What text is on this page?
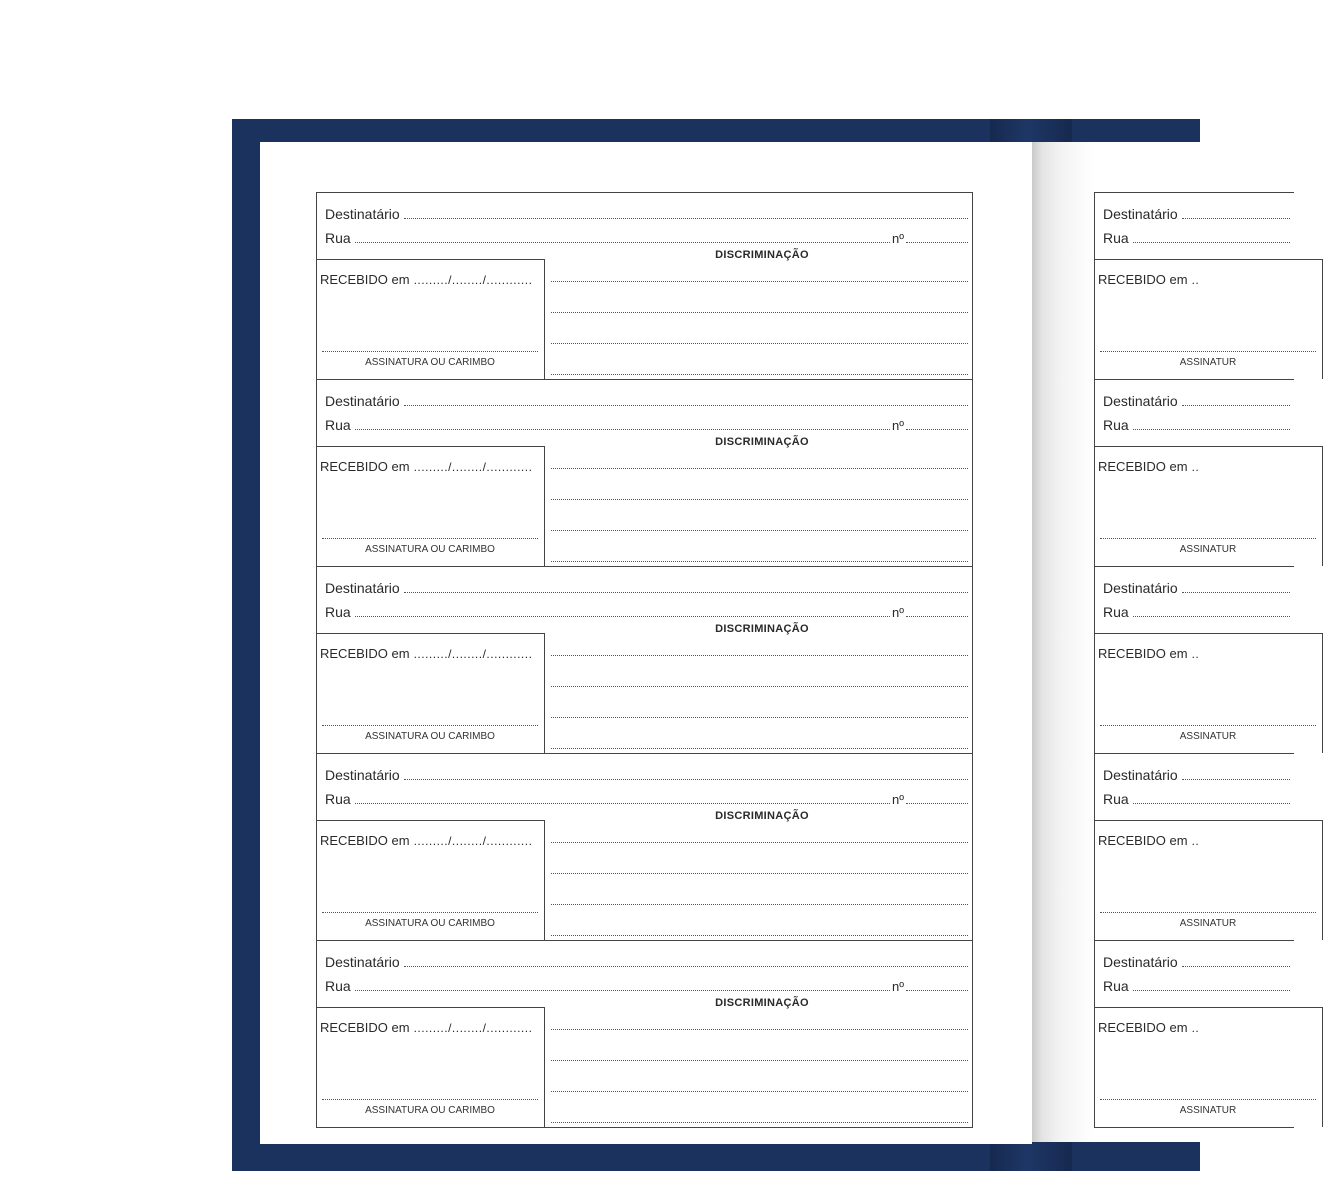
Destinatário
Rua	nº
DISCRIMINAÇÃO
RECEBIDO em ........./......../............
ASSINATURA OU CARIMBO
Destinatário
Rua	nº
DISCRIMINAÇÃO
RECEBIDO em ........./......../............
ASSINATURA OU CARIMBO
Destinatário
Rua	nº
DISCRIMINAÇÃO
RECEBIDO em ........./......../............
ASSINATURA OU CARIMBO
Destinatário
Rua	nº
DISCRIMINAÇÃO
RECEBIDO em ........./......../............
ASSINATURA OU CARIMBO
Destinatário
Rua	nº
DISCRIMINAÇÃO
RECEBIDO em ........./......../............
ASSINATURA OU CARIMBO
Destinatário
Rua
RECEBIDO em ..
ASSINATUR
Destinatário
Rua
RECEBIDO em ..
ASSINATUR
Destinatário
Rua
RECEBIDO em ..
ASSINATUR
Destinatário
Rua
RECEBIDO em ..
ASSINATUR
Destinatário
Rua
RECEBIDO em ..
ASSINATUR
